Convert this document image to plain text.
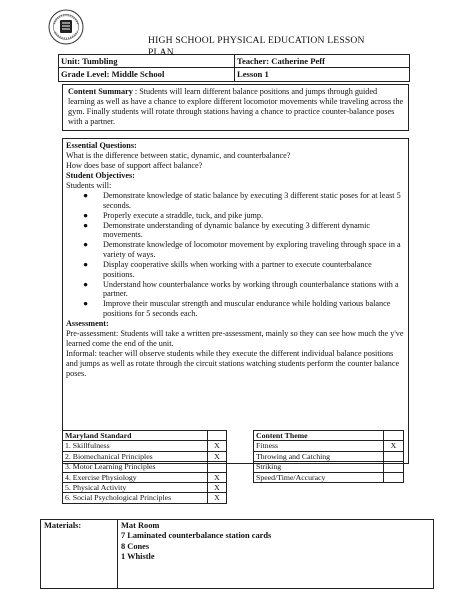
HIGH SCHOOL PHYSICAL EDUCATION LESSON PLAN
Unit: Tumbling	Teacher: Catherine Peff
Grade Level: Middle School	Lesson 1

Content Summary : Students will learn different balance positions and jumps through guided learning as well as have a chance to explore different locomotor movements while traveling across the gym. Finally students will rotate through stations having a chance to practice counter-balance poses with a partner.

Essential Questions:

What is the difference between static, dynamic, and counterbalance?

How does base of support affect balance?

Student Objectives:

Students will:

● Demonstrate knowledge of static balance by executing 3 different static poses for at least 5 seconds.
● Properly execute a straddle, tuck, and pike jump.
● Demonstrate understanding of dynamic balance by executing 3 different dynamic movements.
● Demonstrate knowledge of locomotor movement by exploring traveling through space in a variety of ways.
● Display cooperative skills when working with a partner to execute counterbalance positions.
● Understand how counterbalance works by working through counterbalance stations with a partner.
● Improve their muscular strength and muscular endurance while holding various balance positions for 5 seconds each.

Assessment:

Pre-assessment: Students will take a written pre-assessment, mainly so they can see how much the y've learned come the end of the unit.

Informal: teacher will observe students while they execute the different individual balance positions and jumps as well as rotate through the circuit stations watching students perform the counter balance poses.

Maryland Standard	
1. Skillfulness	X
2. Biomechanical Principles	X
3. Motor Learning Principles	
4. Exercise Physiology	X
5. Physical Activity	X
6. Social Psychological Principles	X
Content Theme	
Fitness	X
Throwing and Catching	
Striking	
Speed/Time/Accuracy	
Materials:	Mat Room
7 Laminated counterbalance station cards
8 Cones
1 Whistle
